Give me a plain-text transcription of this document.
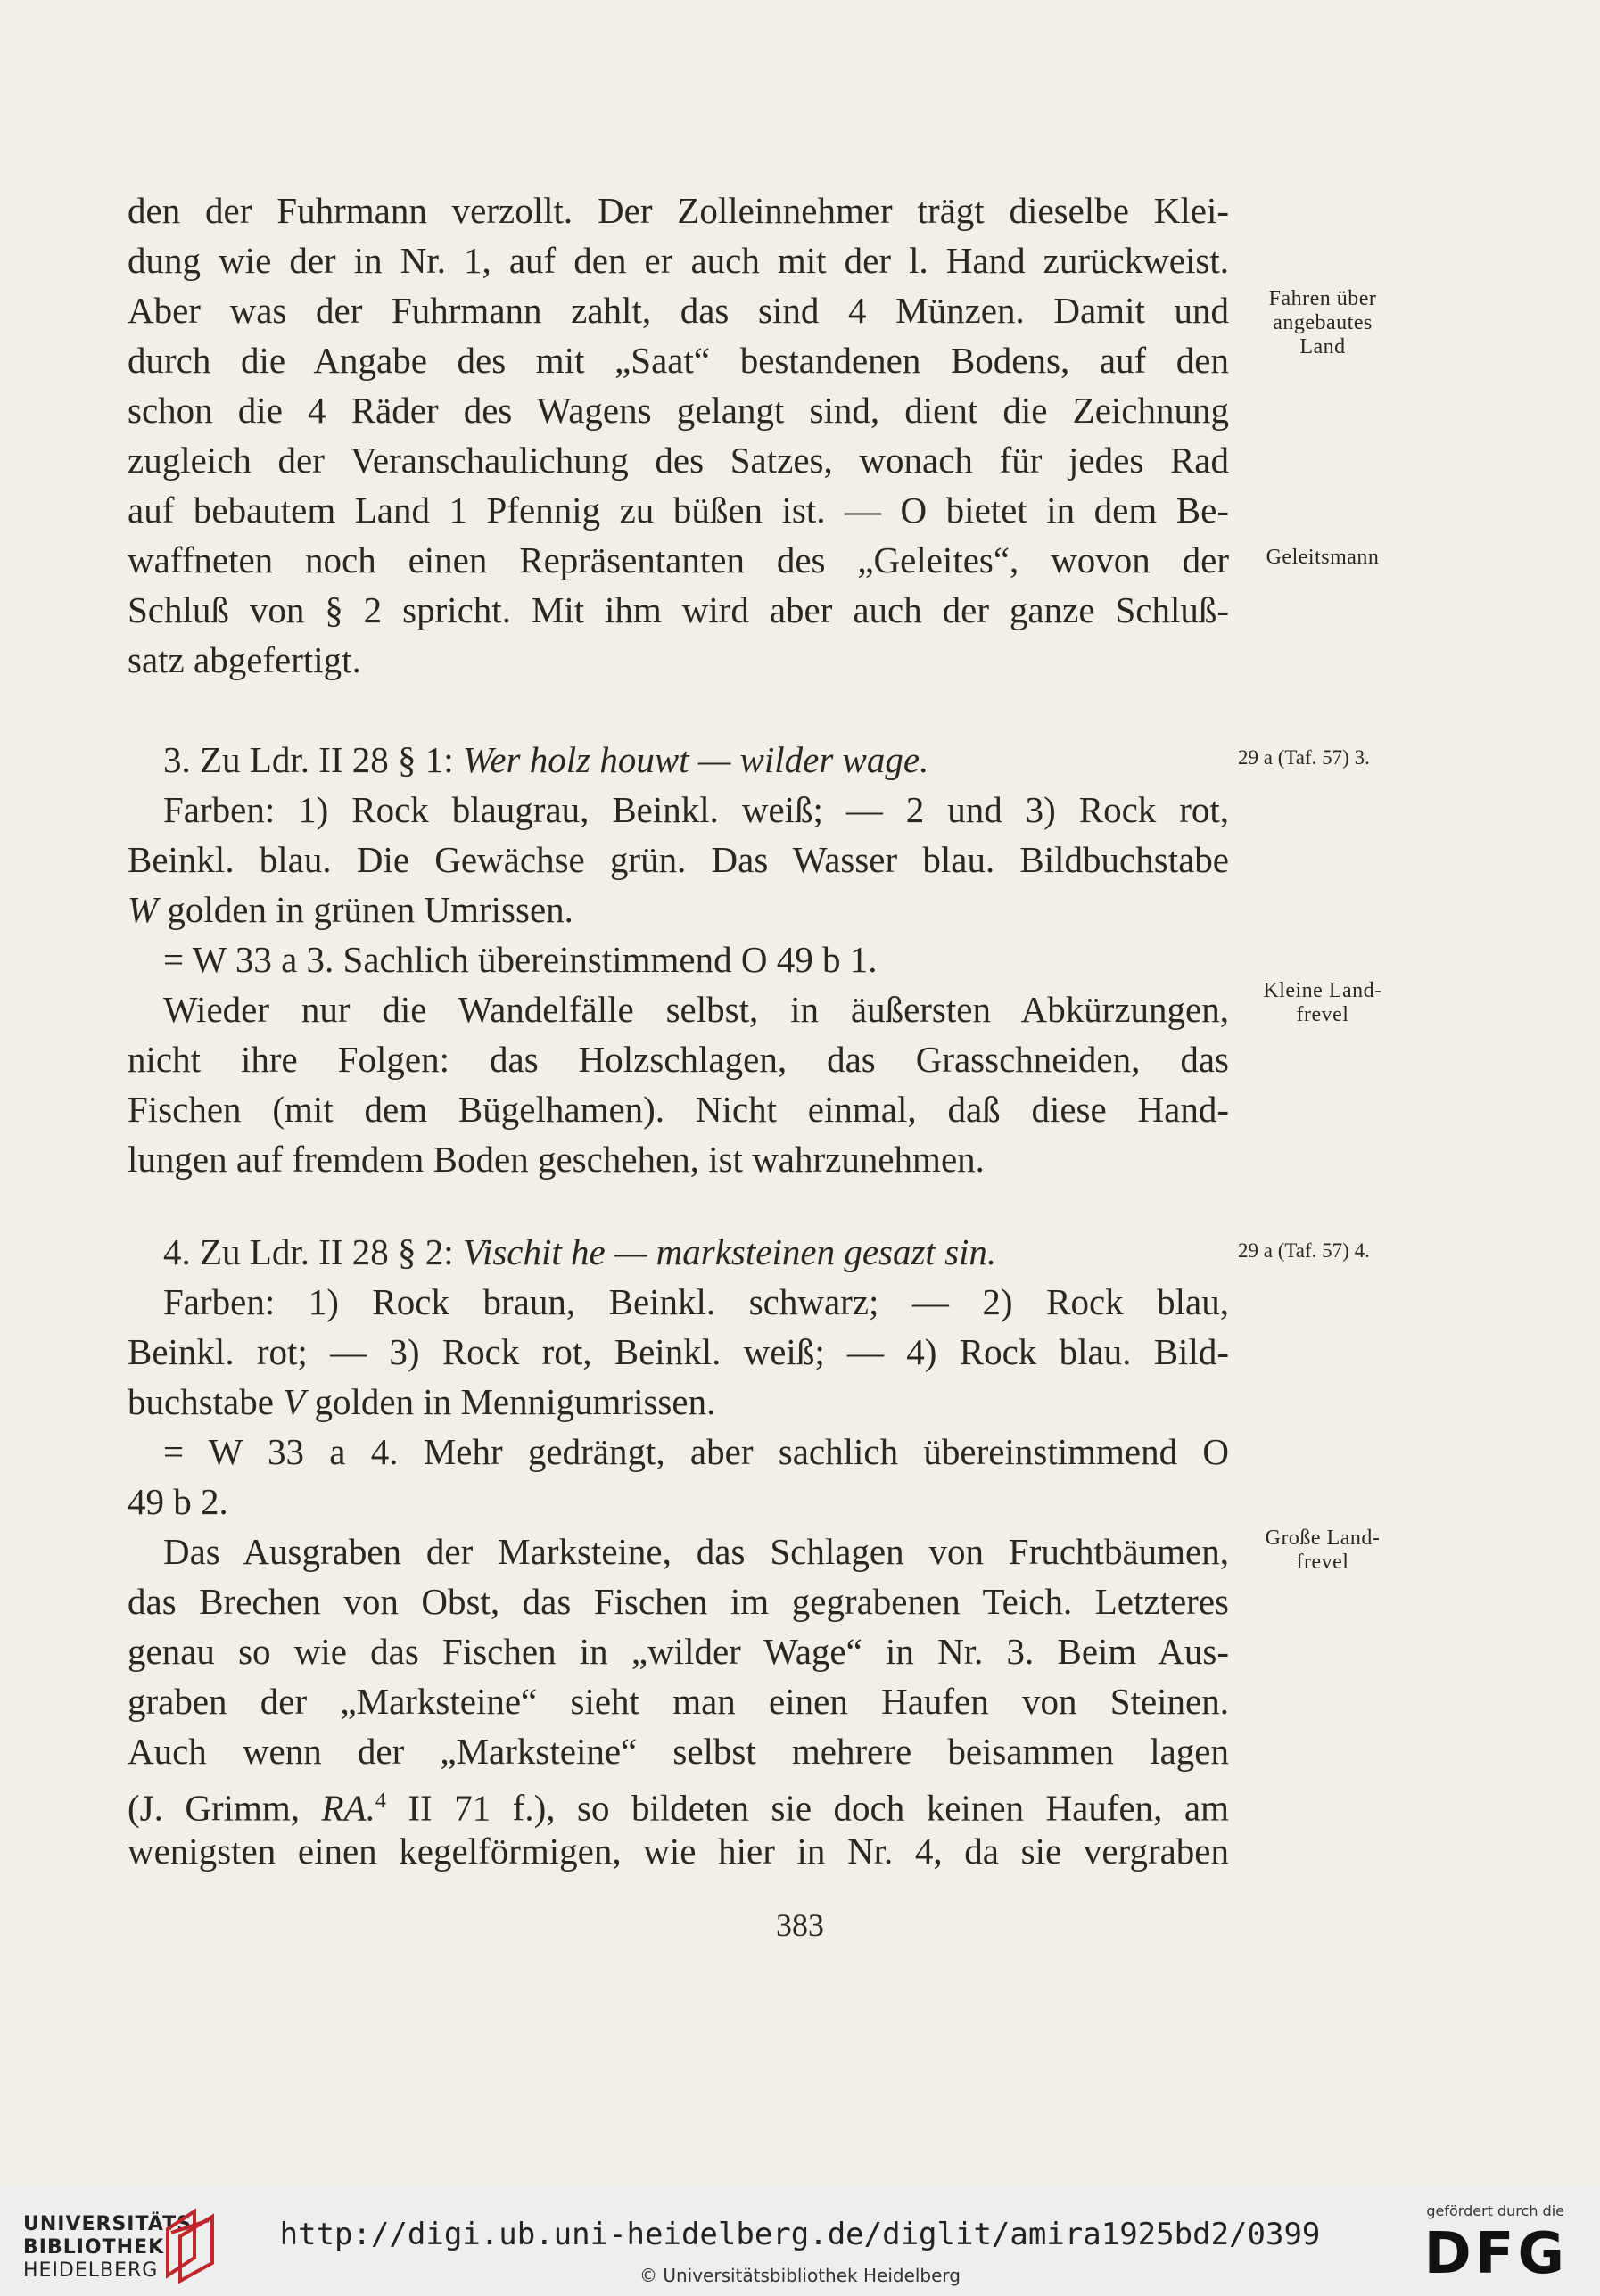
den der Fuhrmann verzollt. Der Zolleinnehmer trägt dieselbe Klei-
dung wie der in Nr. 1, auf den er auch mit der l. Hand zurückweist.
Aber was der Fuhrmann zahlt, das sind 4 Münzen. Damit und
durch die Angabe des mit „Saat“ bestandenen Bodens, auf den
schon die 4 Räder des Wagens gelangt sind, dient die Zeichnung
zugleich der Veranschaulichung des Satzes, wonach für jedes Rad
auf bebautem Land 1 Pfennig zu büßen ist. — O bietet in dem Be-
waffneten noch einen Repräsentanten des „Geleites“, wovon der
Schluß von § 2 spricht. Mit ihm wird aber auch der ganze Schluß-
satz abgefertigt.
Fahren über
angebautes
Land
Geleitsmann
3. Zu Ldr. II 28 § 1: Wer holz houwt — wilder wage.	29 a (Taf. 57) 3.
Farben: 1) Rock blaugrau, Beinkl. weiß; — 2 und 3) Rock rot,
Beinkl. blau. Die Gewächse grün. Das Wasser blau. Bildbuchstabe
W golden in grünen Umrissen.
= W 33 a 3. Sachlich übereinstimmend O 49 b 1.
Wieder nur die Wandelfälle selbst, in äußersten Abkürzungen,
nicht ihre Folgen: das Holzschlagen, das Grasschneiden, das
Fischen (mit dem Bügelhamen). Nicht einmal, daß diese Hand-
lungen auf fremdem Boden geschehen, ist wahrzunehmen.
Kleine Land-
frevel
4. Zu Ldr. II 28 § 2: Vischit he — marksteinen gesazt sin.	29 a (Taf. 57) 4.
Farben: 1) Rock braun, Beinkl. schwarz; — 2) Rock blau,
Beinkl. rot; — 3) Rock rot, Beinkl. weiß; — 4) Rock blau. Bild-
buchstabe V golden in Mennigumrissen.
= W 33 a 4. Mehr gedrängt, aber sachlich übereinstimmend O
49 b 2.
Das Ausgraben der Marksteine, das Schlagen von Fruchtbäumen,
das Brechen von Obst, das Fischen im gegrabenen Teich. Letzteres
genau so wie das Fischen in „wilder Wage“ in Nr. 3. Beim Aus-
graben der „Marksteine“ sieht man einen Haufen von Steinen.
Auch wenn der „Marksteine“ selbst mehrere beisammen lagen
(J. Grimm, RA.$^4$ II 71 f.), so bildeten sie doch keinen Haufen, am
wenigsten einen kegelförmigen, wie hier in Nr. 4, da sie vergraben
Große Land-
frevel
383
UNIVERSITÄTS-
BIBLIOTHEK
HEIDELBERG
http://digi.ub.uni-heidelberg.de/diglit/amira1925bd2/0399
© Universitätsbibliothek Heidelberg
gefördert durch die
DFG
